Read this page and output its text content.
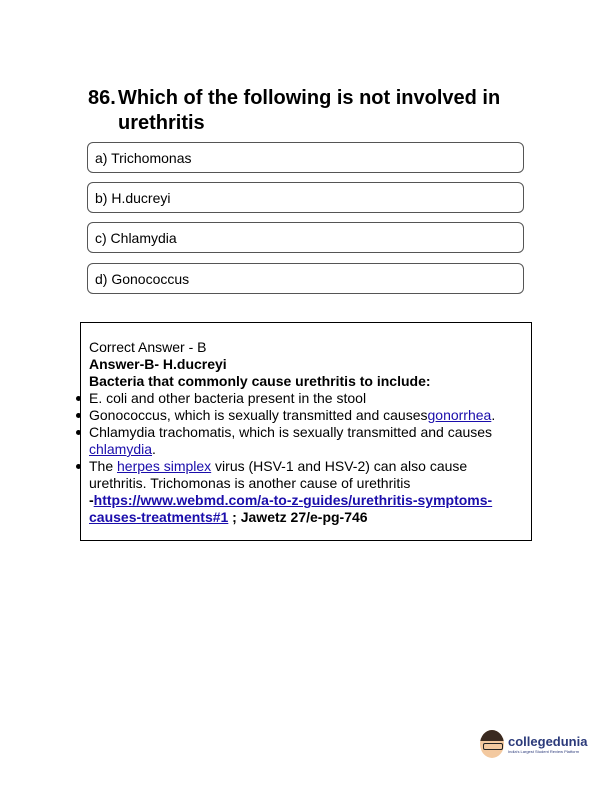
86. Which of the following is not involved in urethritis
a) Trichomonas
b) H.ducreyi
c) Chlamydia
d) Gonococcus

Correct Answer - B

Answer-B- H.ducreyi

Bacteria that commonly cause urethritis to include:

E. coli and other bacteria present in the stool
Gonococcus, which is sexually transmitted and causesgonorrhea.
Chlamydia trachomatis, which is sexually transmitted and causes chlamydia.
The herpes simplex virus (HSV-1 and HSV-2) can also cause urethritis. Trichomonas is another cause of urethritis

-https://www.webmd.com/a-to-z-guides/urethritis-symptoms-causes-treatments#1 ; Jawetz 27/e-pg-746

collegedunia
India's Largest Student Review Platform
